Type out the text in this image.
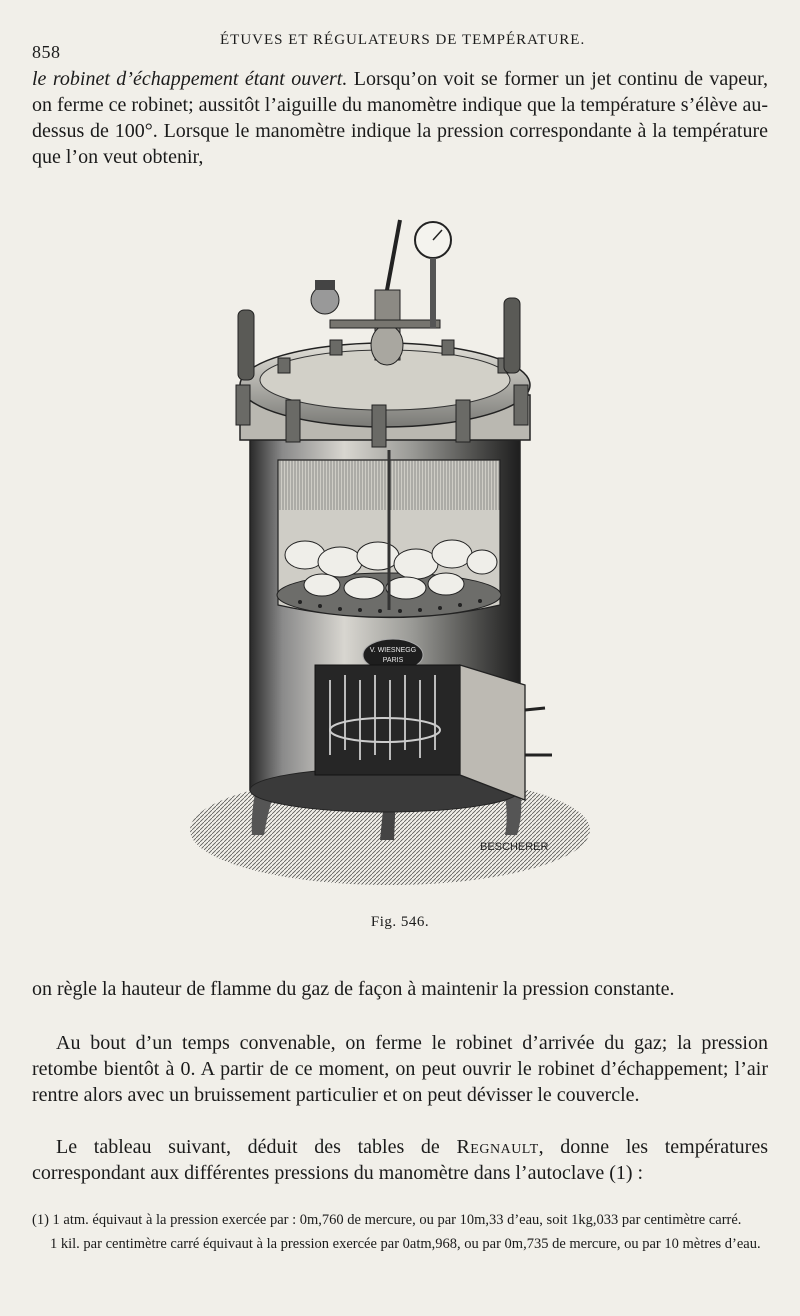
858
ÉTUVES ET RÉGULATEURS DE TEMPÉRATURE.

le robinet d’échappement étant ouvert. Lorsqu’on voit se former un jet continu de vapeur, on ferme ce robinet; aussitôt l’aiguille du manomètre indique que la température s’élève au-dessus de 100°. Lorsque le manomètre indique la pression correspondante à la température que l’on veut obtenir,

V. WIESNEGG
PARIS
BESCHERER
Fig. 546.

on règle la hauteur de flamme du gaz de façon à maintenir la pression constante.

Au bout d’un temps convenable, on ferme le robinet d’arrivée du gaz; la pression retombe bientôt à 0. A partir de ce moment, on peut ouvrir le robinet d’échappement; l’air rentre alors avec un bruissement particulier et on peut dévisser le couvercle.

Le tableau suivant, déduit des tables de Regnault, donne les températures correspondant aux différentes pressions du manomètre dans l’autoclave (1) :

(1) 1 atm. équivaut à la pression exercée par : 0m,760 de mercure, ou par 10m,33 d’eau, soit 1kg,033 par centimètre carré.

1 kil. par centimètre carré équivaut à la pression exercée par 0atm,968, ou par 0m,735 de mercure, ou par 10 mètres d’eau.
